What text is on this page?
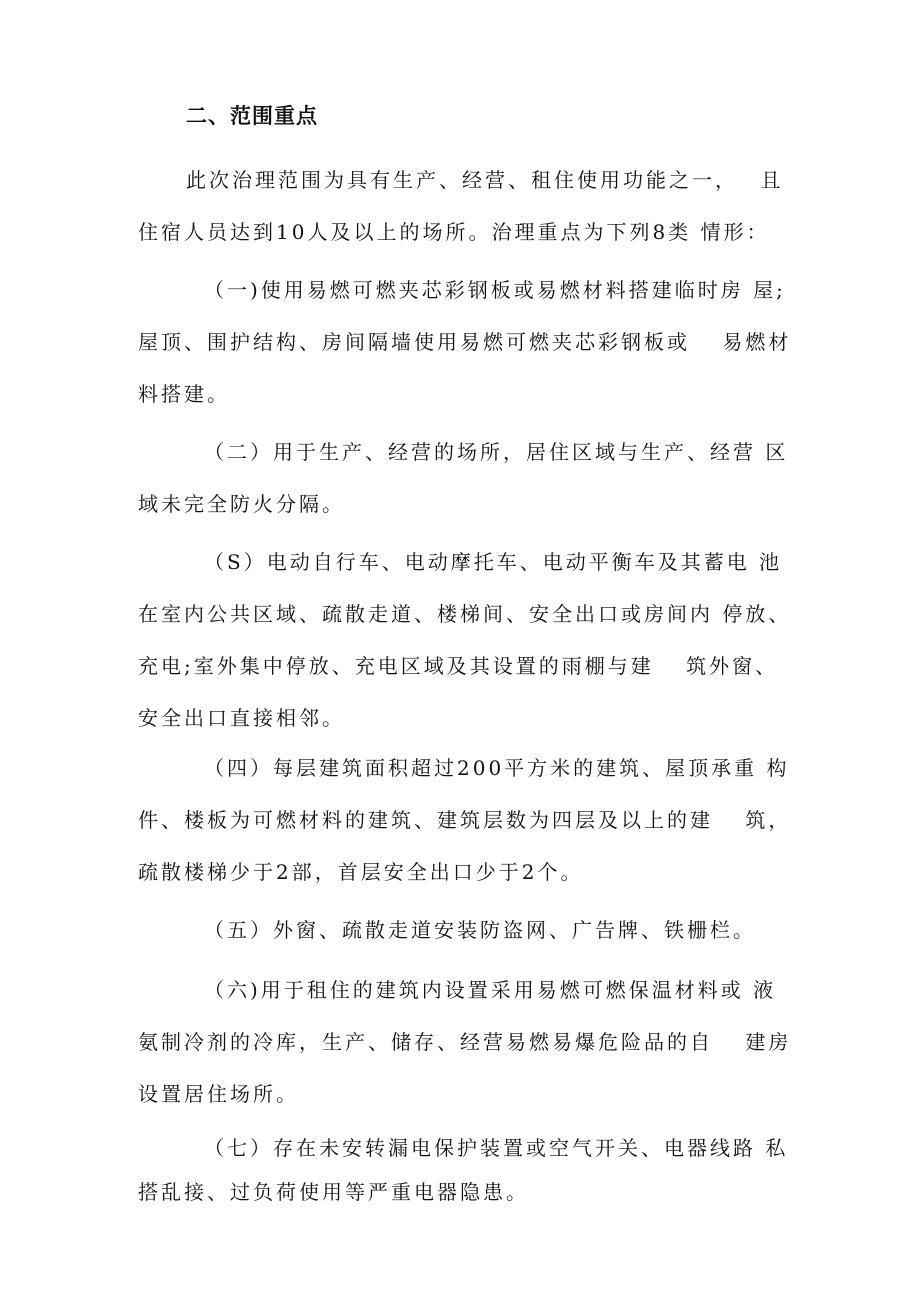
二、范围重点
此次治理范围为具有生产、经营、租住使用功能之一，　 且
住宿人员达到10人及以上的场所。治理重点为下列8类 情形：
（一)使用易燃可燃夹芯彩钢板或易燃材料搭建临时房 屋;
屋顶、围护结构、房间隔墙使用易燃可燃夹芯彩钢板或　 易燃材
料搭建。
（二）用于生产、经营的场所，居住区域与生产、经营 区
域未完全防火分隔。
（S）电动自行车、电动摩托车、电动平衡车及其蓄电 池
在室内公共区域、疏散走道、楼梯间、安全出口或房间内 停放、
充电;室外集中停放、充电区域及其设置的雨棚与建　 筑外窗、
安全出口直接相邻。
（四）每层建筑面积超过200平方米的建筑、屋顶承重 构
件、楼板为可燃材料的建筑、建筑层数为四层及以上的建　 筑，
疏散楼梯少于2部，首层安全出口少于2个。
（五）外窗、疏散走道安装防盗网、广告牌、铁栅栏。
（六)用于租住的建筑内设置采用易燃可燃保温材料或 液
氨制冷剂的冷库，生产、储存、经营易燃易爆危险品的自　 建房
设置居住场所。
（七）存在未安转漏电保护装置或空气开关、电器线路 私
搭乱接、过负荷使用等严重电器隐患。
